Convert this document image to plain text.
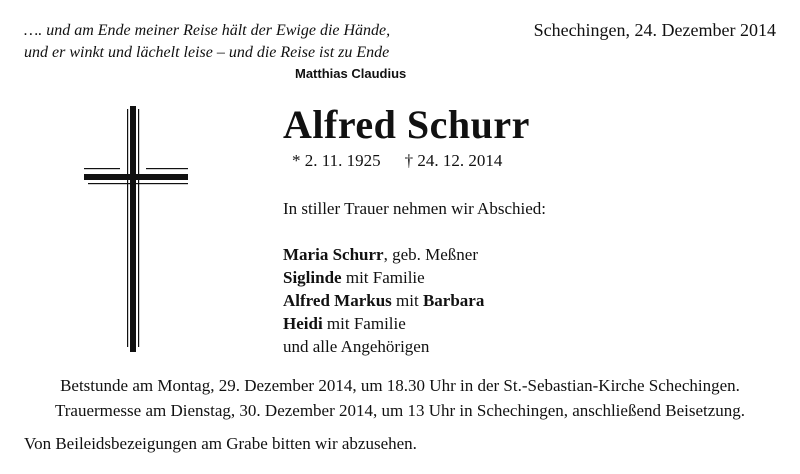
…. und am Ende meiner Reise hält der Ewige die Hände,
und er winkt und lächelt leise – und die Reise ist zu Ende
Matthias Claudius
Schechingen, 24. Dezember 2014
Alfred Schurr
* 2. 11. 1925 † 24. 12. 2014
In stiller Trauer nehmen wir Abschied:
Maria Schurr, geb. Meßner
Siglinde mit Familie
Alfred Markus mit Barbara
Heidi mit Familie
und alle Angehörigen
Betstunde am Montag, 29. Dezember 2014, um 18.30 Uhr in der St.-Sebastian-Kirche Schechingen.
Trauermesse am Dienstag, 30. Dezember 2014, um 13 Uhr in Schechingen, anschließend Beisetzung.
Von Beileidsbezeigungen am Grabe bitten wir abzusehen.
